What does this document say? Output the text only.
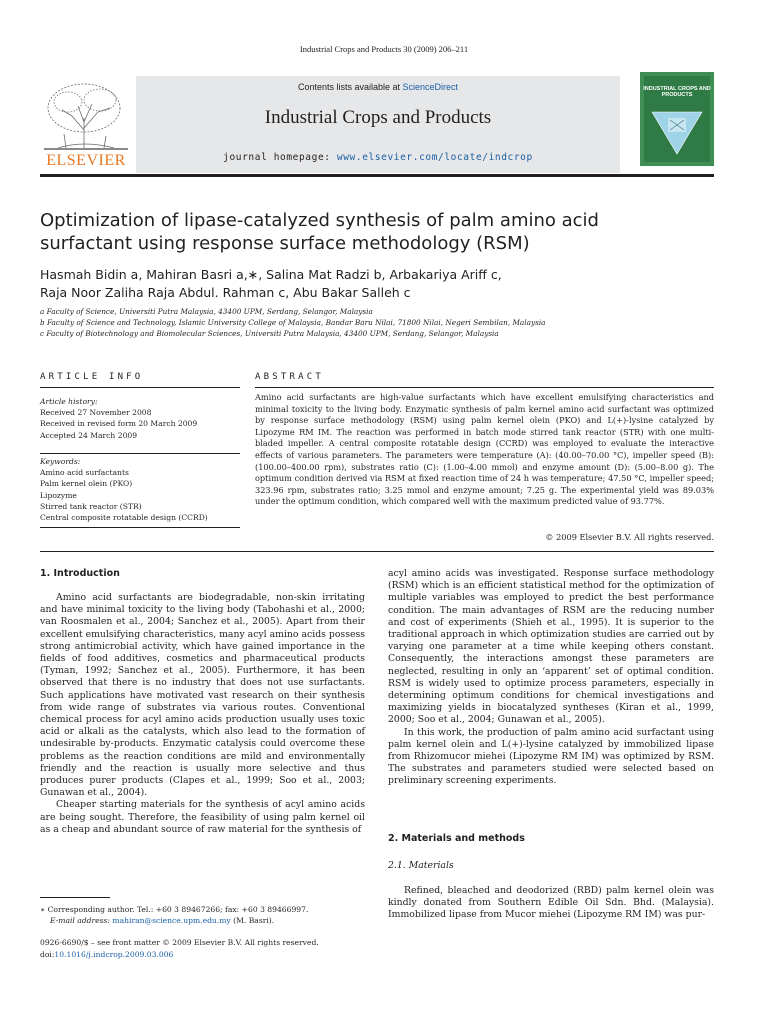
Industrial Crops and Products 30 (2009) 206–211
ELSEVIER
Contents lists available at ScienceDirect
Industrial Crops and Products
journal homepage: www.elsevier.com/locate/indcrop
INDUSTRIAL CROPS AND PRODUCTS
Optimization of lipase-catalyzed synthesis of palm amino acid surfactant using response surface methodology (RSM)
Hasmah Bidin a, Mahiran Basri a,∗, Salina Mat Radzi b, Arbakariya Ariff c,
Raja Noor Zaliha Raja Abdul. Rahman c, Abu Bakar Salleh c
a Faculty of Science, Universiti Putra Malaysia, 43400 UPM, Serdang, Selangor, Malaysia
b Faculty of Science and Technology, Islamic University College of Malaysia, Bandar Baru Nilai, 71800 Nilai, Negeri Sembilan, Malaysia
c Faculty of Biotechnology and Biomolecular Sciences, Universiti Putra Malaysia, 43400 UPM, Serdang, Selangor, Malaysia
ARTICLE INFO	ABSTRACT
Article history:
Received 27 November 2008
Received in revised form 20 March 2009
Accepted 24 March 2009
Keywords:
Amino acid surfactants
Palm kernel olein (PKO)
Lipozyme
Stirred tank reactor (STR)
Central composite rotatable design (CCRD)
Amino acid surfactants are high-value surfactants which have excellent emulsifying characteristics and minimal toxicity to the living body. Enzymatic synthesis of palm kernel amino acid surfactant was optimized by response surface methodology (RSM) using palm kernel olein (PKO) and L(+)-lysine catalyzed by Lipozyme RM IM. The reaction was performed in batch mode stirred tank reactor (STR) with one multi-bladed impeller. A central composite rotatable design (CCRD) was employed to evaluate the interactive effects of various parameters. The parameters were temperature (A): (40.00–70.00 °C), impeller speed (B): (100.00–400.00 rpm), substrates ratio (C): (1.00–4.00 mmol) and enzyme amount (D): (5.00–8.00 g). The optimum condition derived via RSM at fixed reaction time of 24 h was temperature; 47.50 °C, impeller speed; 323.96 rpm, substrates ratio; 3.25 mmol and enzyme amount; 7.25 g. The experimental yield was 89.03% under the optimum condition, which compared well with the maximum predicted value of 93.77%.
© 2009 Elsevier B.V. All rights reserved.
1. Introduction

Amino acid surfactants are biodegradable, non-skin irritating and have minimal toxicity to the living body (Tabohashi et al., 2000; van Roosmalen et al., 2004; Sanchez et al., 2005). Apart from their excellent emulsifying characteristics, many acyl amino acids possess strong antimicrobial activity, which have gained importance in the fields of food additives, cosmetics and pharmaceutical products (Tyman, 1992; Sanchez et al., 2005). Furthermore, it has been observed that there is no industry that does not use surfactants. Such applications have motivated vast research on their synthesis from wide range of substrates via various routes. Conventional chemical process for acyl amino acids production usually uses toxic acid or alkali as the catalysts, which also lead to the formation of undesirable by-products. Enzymatic catalysis could overcome these problems as the reaction conditions are mild and environmentally friendly and the reaction is usually more selective and thus produces purer products (Clapes et al., 1999; Soo et al., 2003; Gunawan et al., 2004).

Cheaper starting materials for the synthesis of acyl amino acids are being sought. Therefore, the feasibility of using palm kernel oil as a cheap and abundant source of raw material for the synthesis of

acyl amino acids was investigated. Response surface methodology (RSM) which is an efficient statistical method for the optimization of multiple variables was employed to predict the best performance condition. The main advantages of RSM are the reducing number and cost of experiments (Shieh et al., 1995). It is superior to the traditional approach in which optimization studies are carried out by varying one parameter at a time while keeping others constant. Consequently, the interactions amongst these parameters are neglected, resulting in only an ‘apparent’ set of optimal condition. RSM is widely used to optimize process parameters, especially in determining optimum conditions for chemical investigations and maximizing yields in biocatalyzed syntheses (Kiran et al., 1999, 2000; Soo et al., 2004; Gunawan et al., 2005).

In this work, the production of palm amino acid surfactant using palm kernel olein and L(+)-lysine catalyzed by immobilized lipase from Rhizomucor miehei (Lipozyme RM IM) was optimized by RSM. The substrates and parameters studied were selected based on preliminary screening experiments.

2. Materials and methods
2.1. Materials

Refined, bleached and deodorized (RBD) palm kernel olein was kindly donated from Southern Edible Oil Sdn. Bhd. (Malaysia). Immobilized lipase from Mucor miehei (Lipozyme RM IM) was pur-

∗ Corresponding author. Tel.: +60 3 89467266; fax: +60 3 89466997.
E-mail address: mahiran@science.upm.edu.my (M. Basri).
0926-6690/$ – see front matter © 2009 Elsevier B.V. All rights reserved.
doi:10.1016/j.indcrop.2009.03.006
